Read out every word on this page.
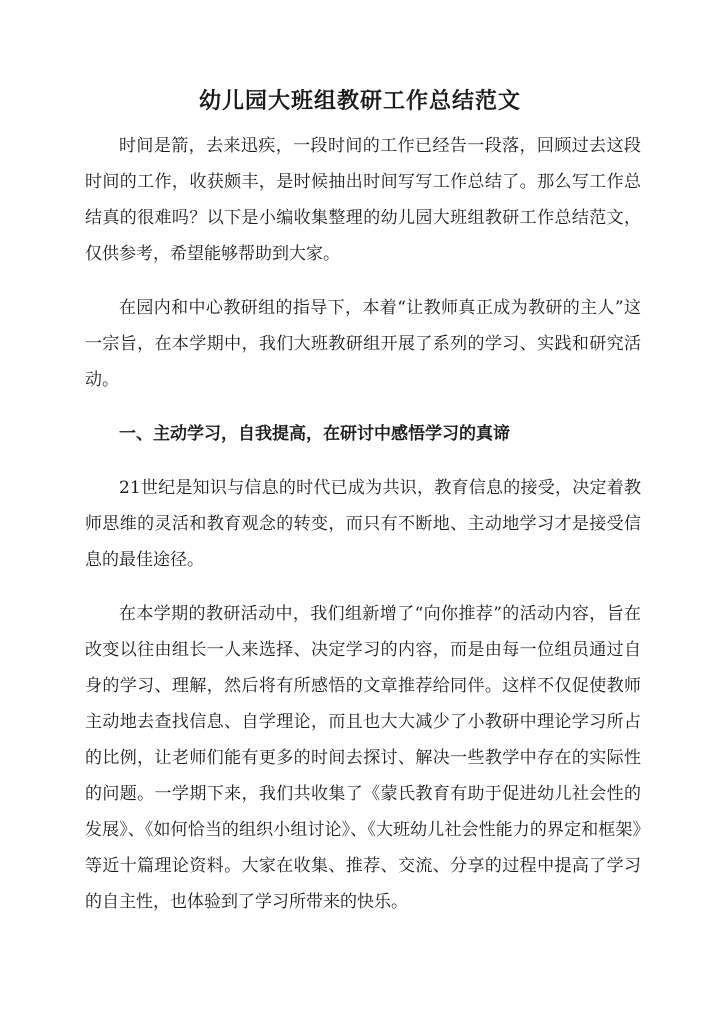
幼儿园大班组教研工作总结范文

时间是箭，去来迅疾，一段时间的工作已经告一段落，回顾过去这段时间的工作，收获颇丰，是时候抽出时间写写工作总结了。那么写工作总结真的很难吗？以下是小编收集整理的幼儿园大班组教研工作总结范文，仅供参考，希望能够帮助到大家。

在园内和中心教研组的指导下，本着“让教师真正成为教研的主人”这一宗旨，在本学期中，我们大班教研组开展了系列的学习、实践和研究活动。

一、主动学习，自我提高，在研讨中感悟学习的真谛

21世纪是知识与信息的时代已成为共识，教育信息的接受，决定着教师思维的灵活和教育观念的转变，而只有不断地、主动地学习才是接受信息的最佳途径。

在本学期的教研活动中，我们组新增了“向你推荐”的活动内容，旨在改变以往由组长一人来选择、决定学习的内容，而是由每一位组员通过自身的学习、理解，然后将有所感悟的文章推荐给同伴。这样不仅促使教师主动地去查找信息、自学理论，而且也大大减少了小教研中理论学习所占的比例，让老师们能有更多的时间去探讨、解决一些教学中存在的实际性的问题。一学期下来，我们共收集了《蒙氏教育有助于促进幼儿社会性的发展》、《如何恰当的组织小组讨论》、《大班幼儿社会性能力的界定和框架》等近十篇理论资料。大家在收集、推荐、交流、分享的过程中提高了学习的自主性，也体验到了学习所带来的快乐。
